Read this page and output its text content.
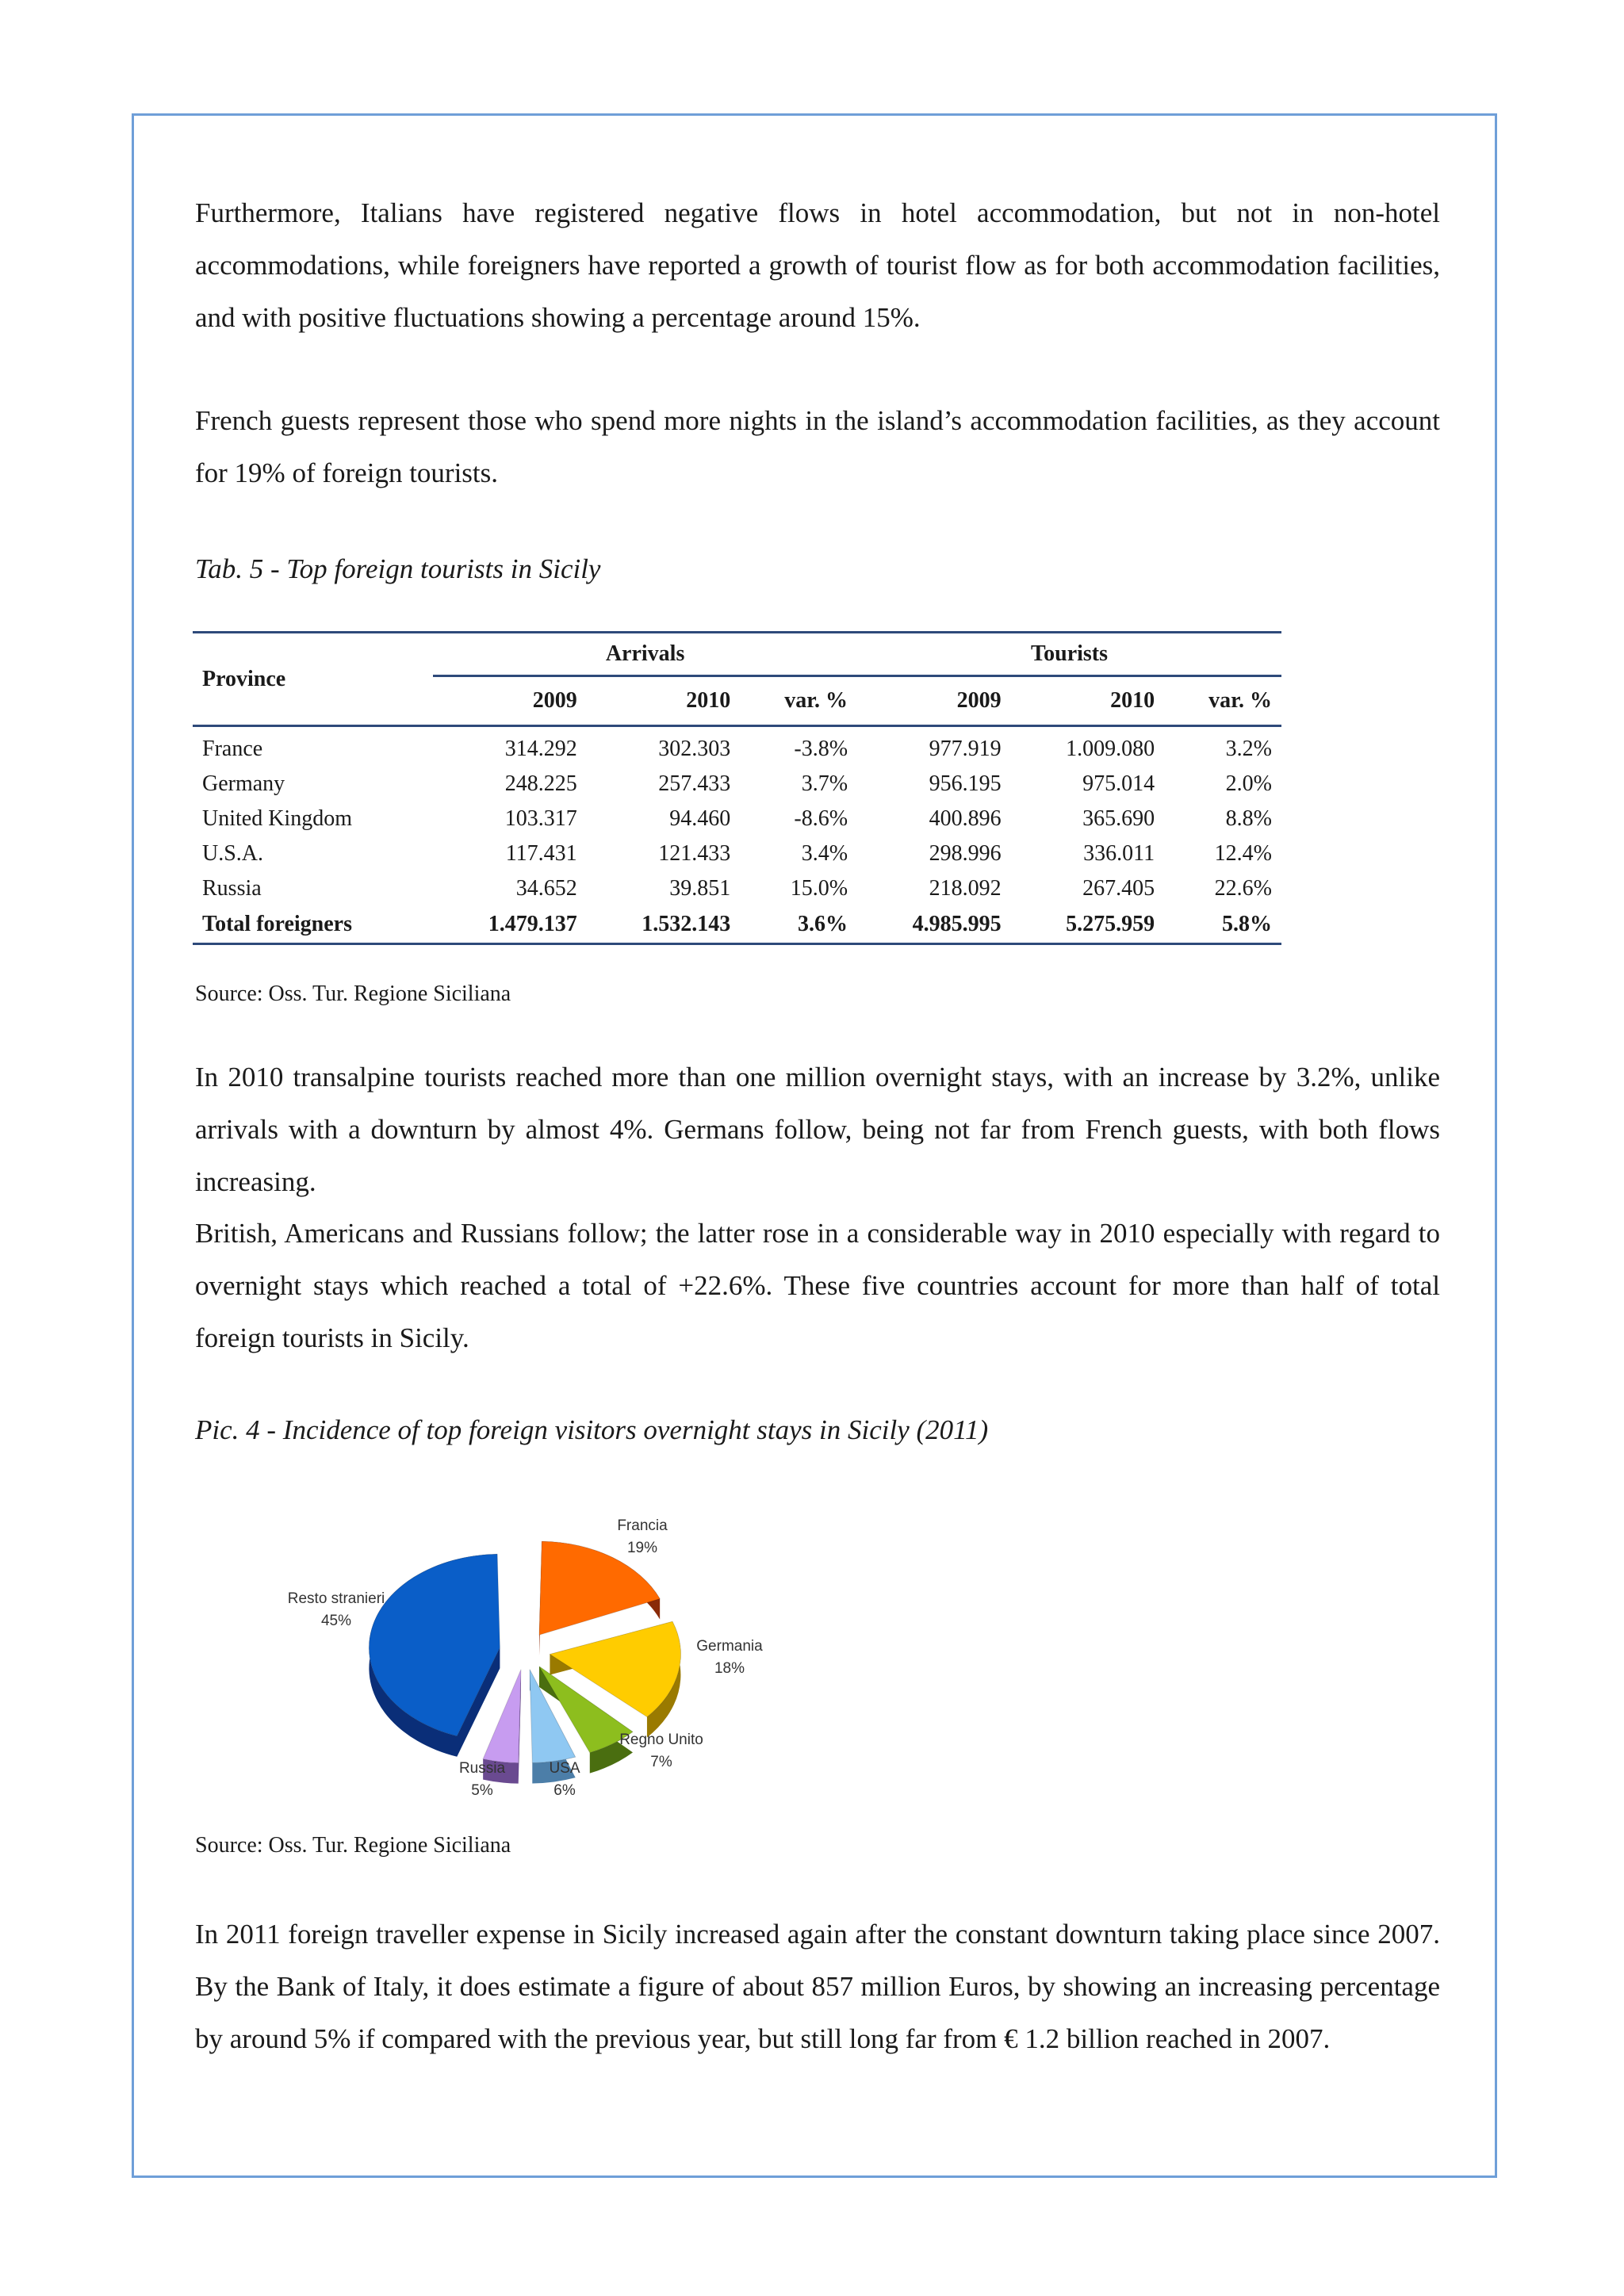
Furthermore, Italians have registered negative flows in hotel accommodation, but not in non-hotel accommodations, while foreigners have reported a growth of tourist flow as for both accommodation facilities, and with positive fluctuations showing a percentage around 15%.

French guests represent those who spend more nights in the island’s accommodation facilities, as they account for 19% of foreign tourists.

Tab. 5 - Top foreign tourists in Sicily

Province	Arrivals			Tourists		
	2009	2010	var. %	2009	2010	var. %
France	314.292	302.303	-3.8%	977.919	1.009.080	3.2%
Germany	248.225	257.433	3.7%	956.195	975.014	2.0%
United Kingdom	103.317	94.460	-8.6%	400.896	365.690	8.8%
U.S.A.	117.431	121.433	3.4%	298.996	336.011	12.4%
Russia	34.652	39.851	15.0%	218.092	267.405	22.6%
Total foreigners	1.479.137	1.532.143	3.6%	4.985.995	5.275.959	5.8%

Source: Oss. Tur. Regione Siciliana

In 2010 transalpine tourists reached more than one million overnight stays, with an increase by 3.2%, unlike arrivals with a downturn by almost 4%. Germans follow, being not far from French guests, with both flows increasing.

British, Americans and Russians follow; the latter rose in a considerable way in 2010 especially with regard to overnight stays which reached a total of +22.6%. These five countries account for more than half of total foreign tourists in Sicily.

Pic. 4 - Incidence of top foreign visitors overnight stays in Sicily (2011)

Francia
19%
Germania
18%
Regno Unito
7%
USA
6%
Russia
5%
Resto stranieri
45%

Source: Oss. Tur. Regione Siciliana

In 2011 foreign traveller expense in Sicily increased again after the constant downturn taking place since 2007. By the Bank of Italy, it does estimate a figure of about 857 million Euros, by showing an increasing percentage by around 5% if compared with the previous year, but still long far from € 1.2 billion reached in 2007.
